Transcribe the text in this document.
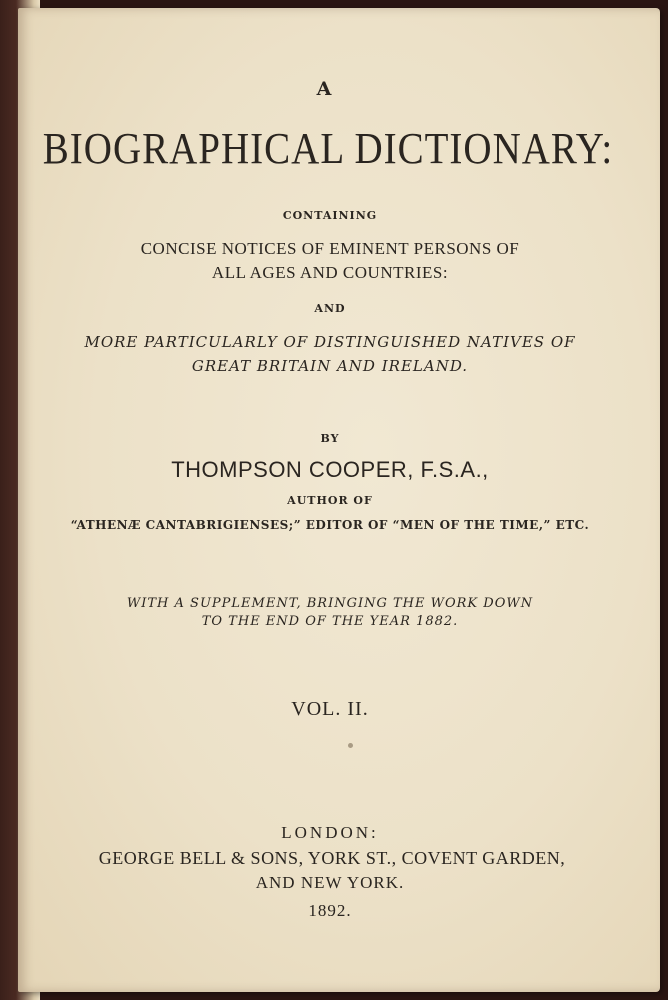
A
BIOGRAPHICAL DICTIONARY:
CONTAINING
CONCISE NOTICES OF EMINENT PERSONS OF
ALL AGES AND COUNTRIES:
AND
MORE PARTICULARLY OF DISTINGUISHED NATIVES OF
GREAT BRITAIN AND IRELAND.
BY
THOMPSON COOPER, F.S.A.,
AUTHOR OF
“ATHENÆ CANTABRIGIENSES;” EDITOR OF “MEN OF THE TIME,” ETC.
WITH A SUPPLEMENT, BRINGING THE WORK DOWN
TO THE END OF THE YEAR 1882.
VOL. II.
LONDON:
GEORGE BELL & SONS, YORK ST., COVENT GARDEN,
AND NEW YORK.
1892.
